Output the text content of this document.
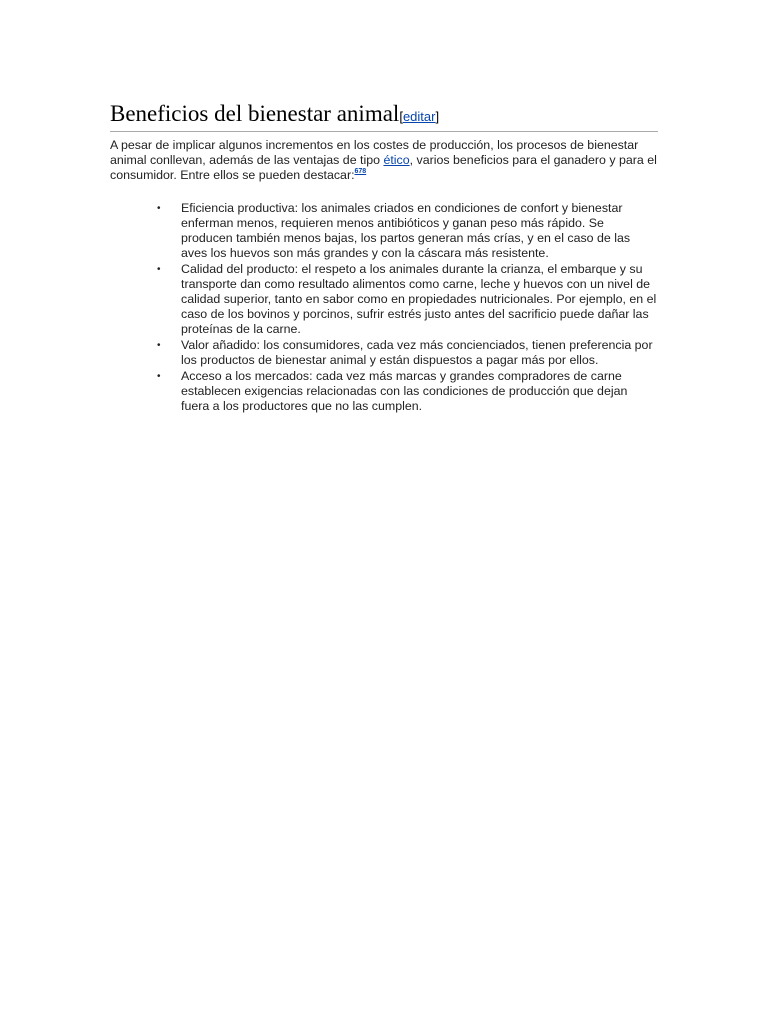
Beneficios del bienestar animal[editar]

A pesar de implicar algunos incrementos en los costes de producción, los procesos de bienestar animal conllevan, además de las ventajas de tipo ético, varios beneficios para el ganadero y para el consumidor. Entre ellos se pueden destacar:$^{678}$

• Eficiencia productiva: los animales criados en condiciones de confort y bienestar enferman menos, requieren menos antibióticos y ganan peso más rápido. Se producen también menos bajas, los partos generan más crías, y en el caso de las aves los huevos son más grandes y con la cáscara más resistente.
• Calidad del producto: el respeto a los animales durante la crianza, el embarque y su transporte dan como resultado alimentos como carne, leche y huevos con un nivel de calidad superior, tanto en sabor como en propiedades nutricionales. Por ejemplo, en el caso de los bovinos y porcinos, sufrir estrés justo antes del sacrificio puede dañar las proteínas de la carne.
• Valor añadido: los consumidores, cada vez más concienciados, tienen preferencia por los productos de bienestar animal y están dispuestos a pagar más por ellos.
• Acceso a los mercados: cada vez más marcas y grandes compradores de carne establecen exigencias relacionadas con las condiciones de producción que dejan fuera a los productores que no las cumplen.
